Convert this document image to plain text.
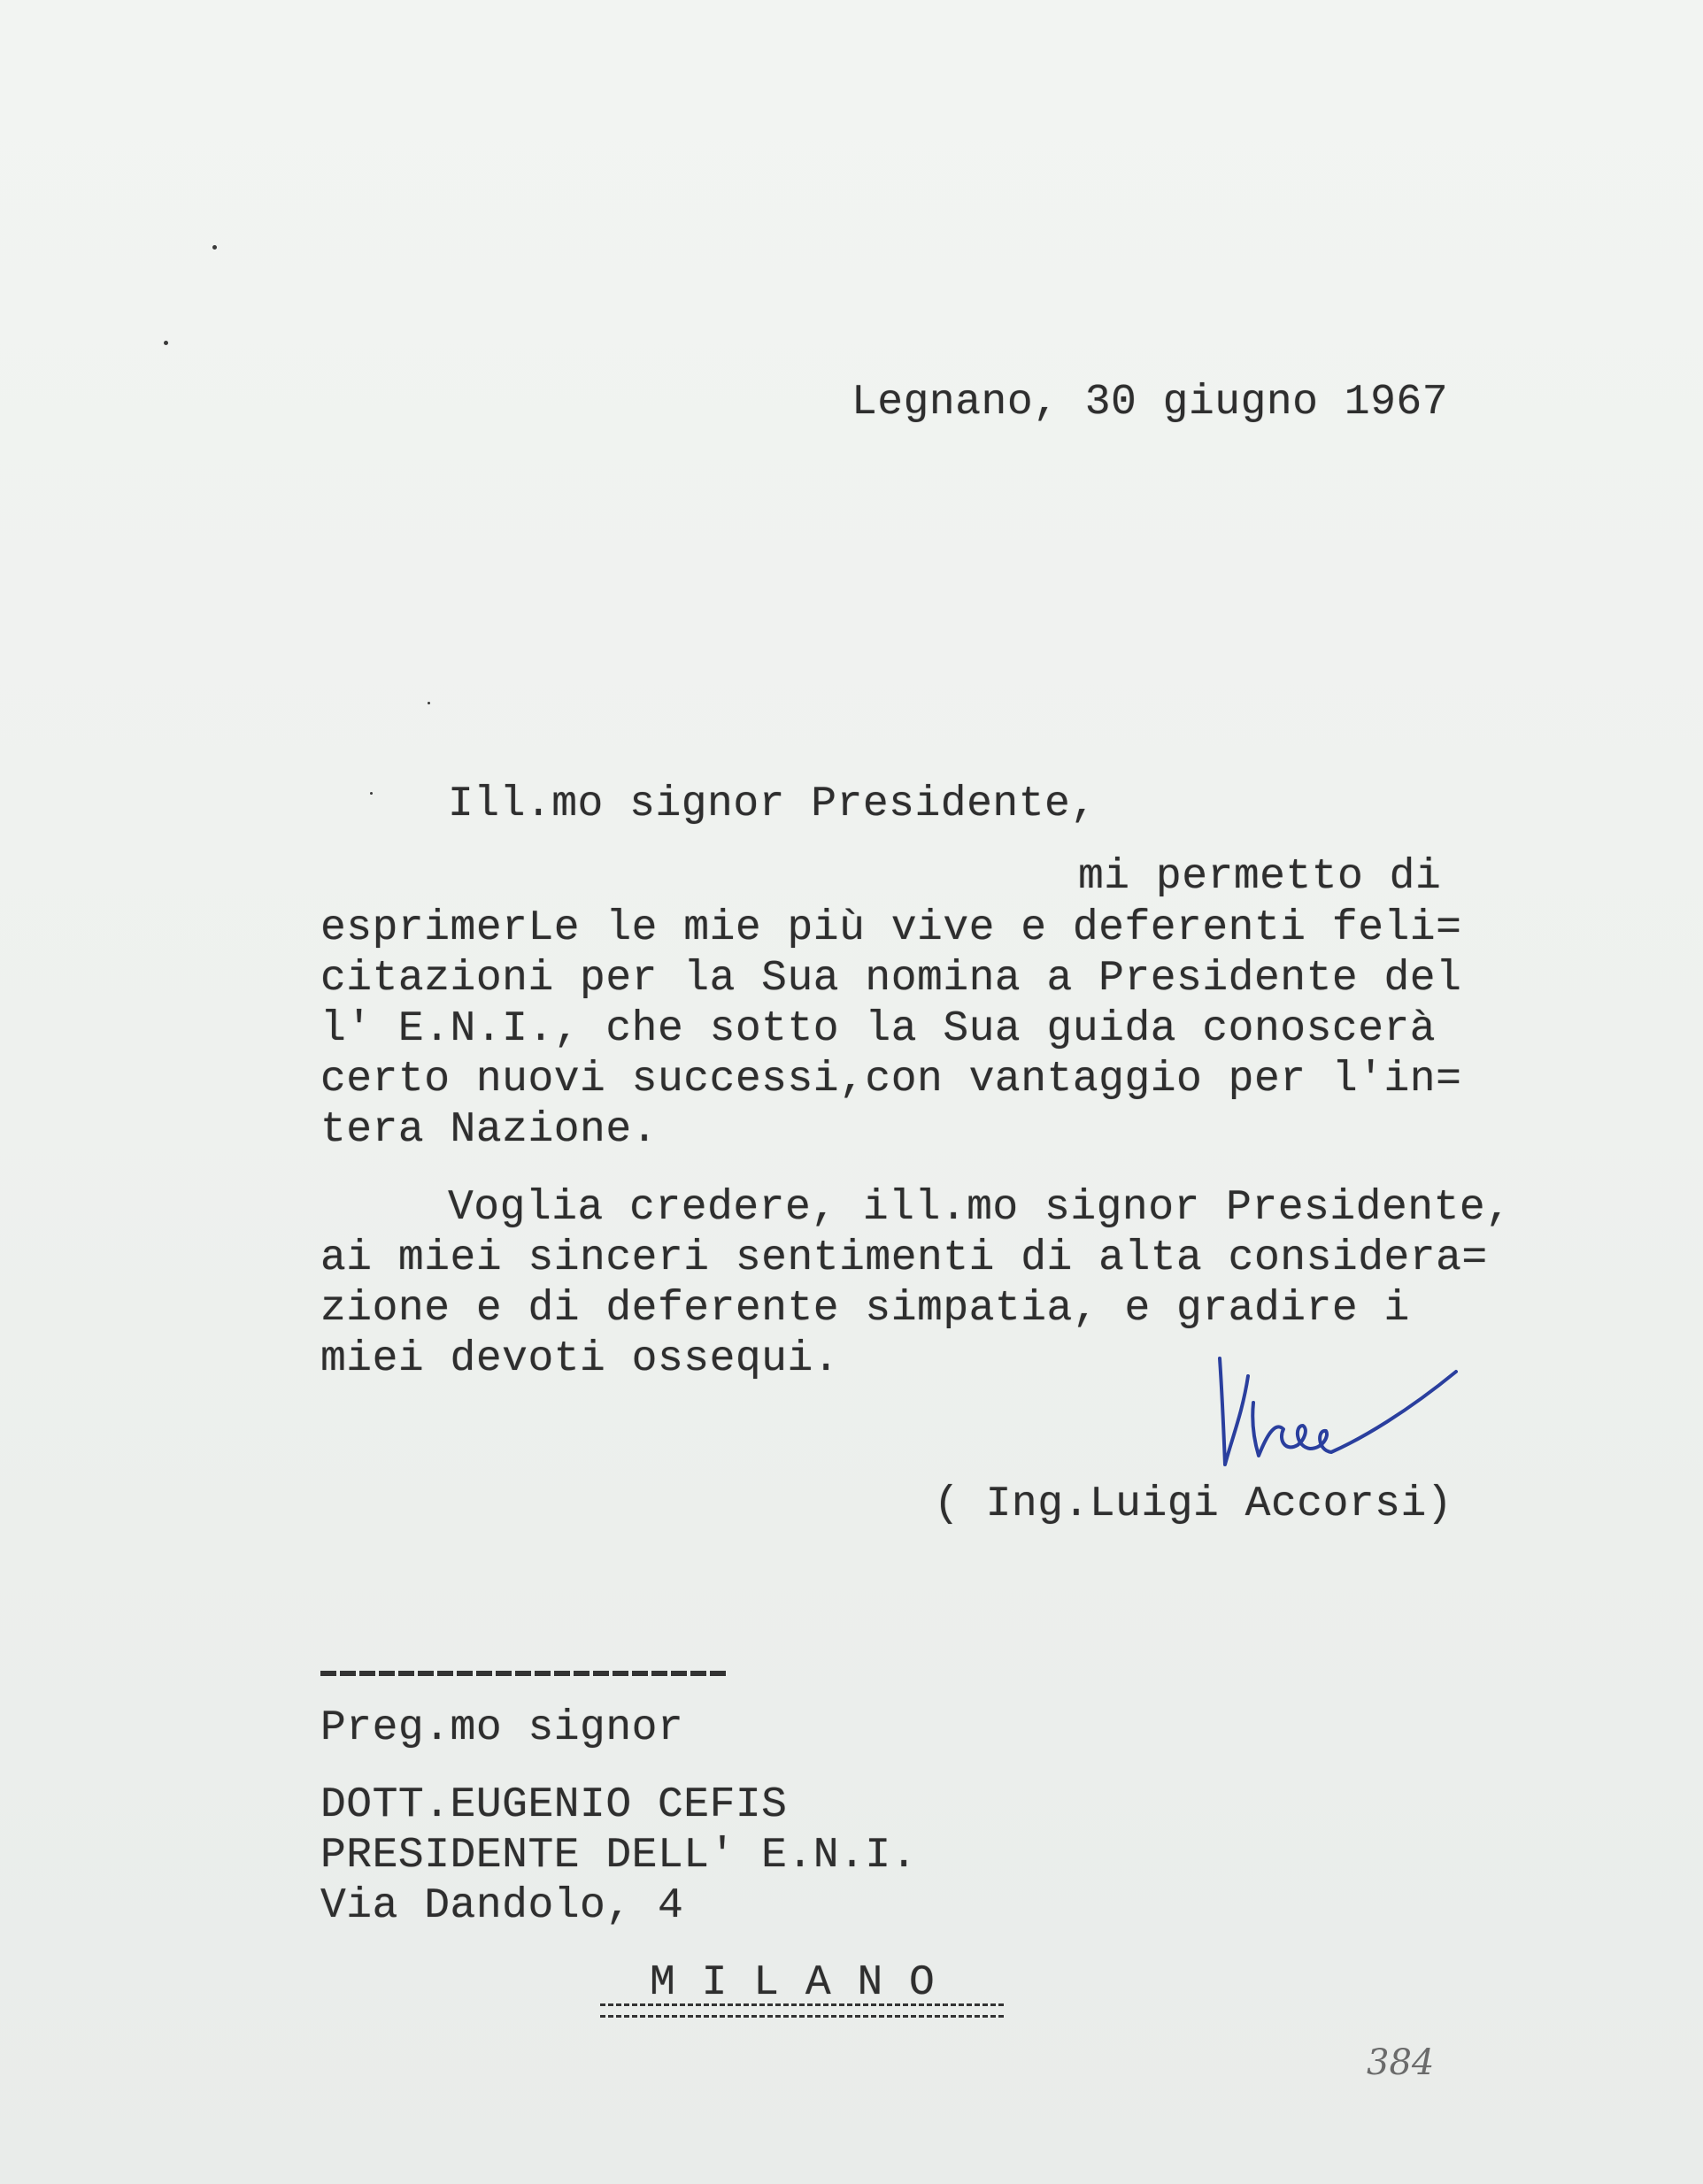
Legnano, 30 giugno 1967
Ill.mo signor Presidente,
mi permetto di
esprimerLe le mie più vive e deferenti feli=
citazioni per la Sua nomina a Presidente del
l' E.N.I., che sotto la Sua guida conoscerà
certo nuovi successi,con vantaggio per l'in=
tera Nazione.
Voglia credere, ill.mo signor Presidente,
ai miei sinceri sentimenti di alta considera=
zione e di deferente simpatia, e gradire i
miei devoti ossequi.
( Ing.Luigi Accorsi)
Preg.mo signor
DOTT.EUGENIO CEFIS
PRESIDENTE DELL' E.N.I.
Via Dandolo, 4
M I L A N O
384
